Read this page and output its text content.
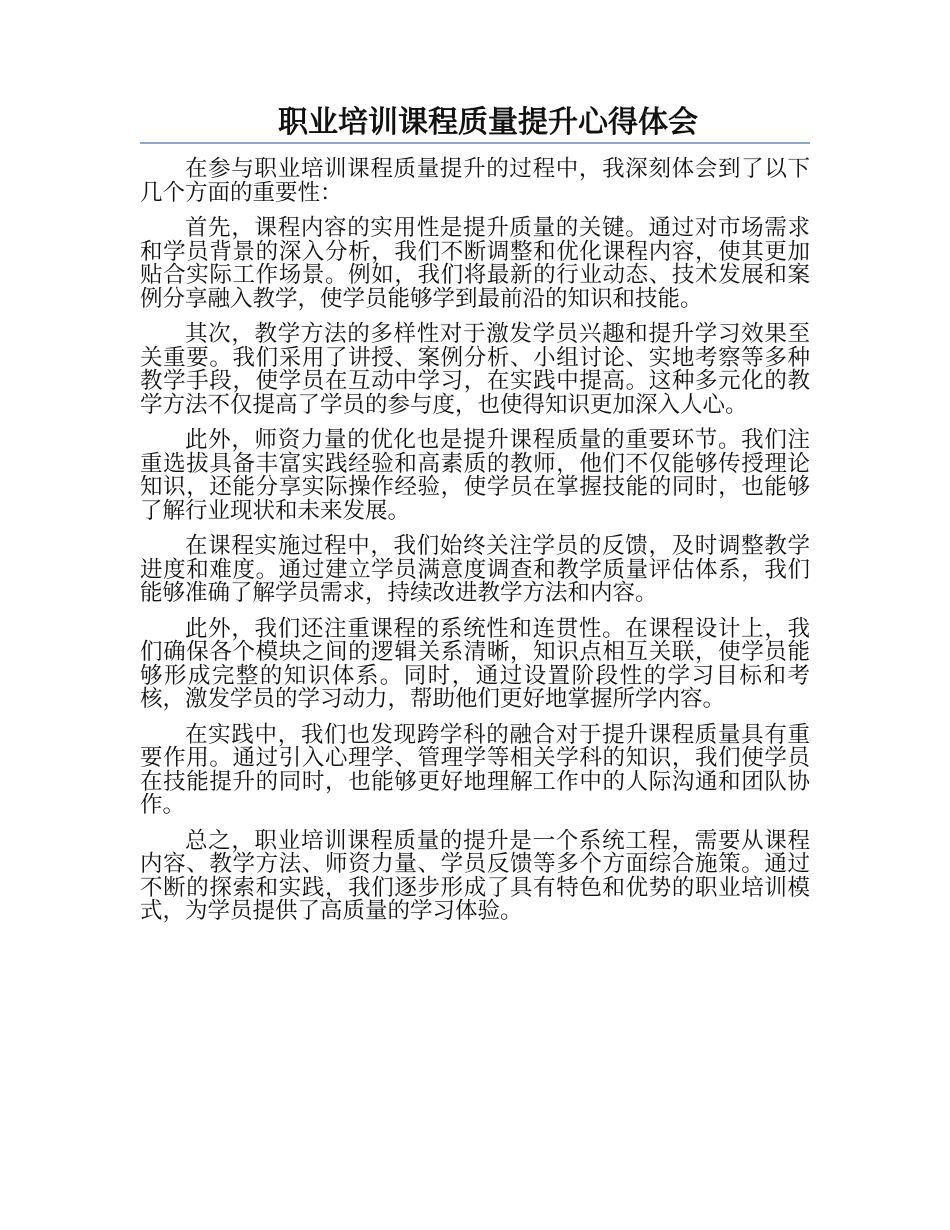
职业培训课程质量提升心得体会

在参与职业培训课程质量提升的过程中，我深刻体会到了以下几个方面的重要性：

首先，课程内容的实用性是提升质量的关键。通过对市场需求和学员背景的深入分析，我们不断调整和优化课程内容，使其更加贴合实际工作场景。例如，我们将最新的行业动态、技术发展和案例分享融入教学，使学员能够学到最前沿的知识和技能。

其次，教学方法的多样性对于激发学员兴趣和提升学习效果至关重要。我们采用了讲授、案例分析、小组讨论、实地考察等多种教学手段，使学员在互动中学习，在实践中提高。这种多元化的教学方法不仅提高了学员的参与度，也使得知识更加深入人心。

此外，师资力量的优化也是提升课程质量的重要环节。我们注重选拔具备丰富实践经验和高素质的教师，他们不仅能够传授理论知识，还能分享实际操作经验，使学员在掌握技能的同时，也能够了解行业现状和未来发展。

在课程实施过程中，我们始终关注学员的反馈，及时调整教学进度和难度。通过建立学员满意度调查和教学质量评估体系，我们能够准确了解学员需求，持续改进教学方法和内容。

此外，我们还注重课程的系统性和连贯性。在课程设计上，我们确保各个模块之间的逻辑关系清晰，知识点相互关联，使学员能够形成完整的知识体系。同时，通过设置阶段性的学习目标和考核，激发学员的学习动力，帮助他们更好地掌握所学内容。

在实践中，我们也发现跨学科的融合对于提升课程质量具有重要作用。通过引入心理学、管理学等相关学科的知识，我们使学员在技能提升的同时，也能够更好地理解工作中的人际沟通和团队协作。

总之，职业培训课程质量的提升是一个系统工程，需要从课程内容、教学方法、师资力量、学员反馈等多个方面综合施策。通过不断的探索和实践，我们逐步形成了具有特色和优势的职业培训模式，为学员提供了高质量的学习体验。
